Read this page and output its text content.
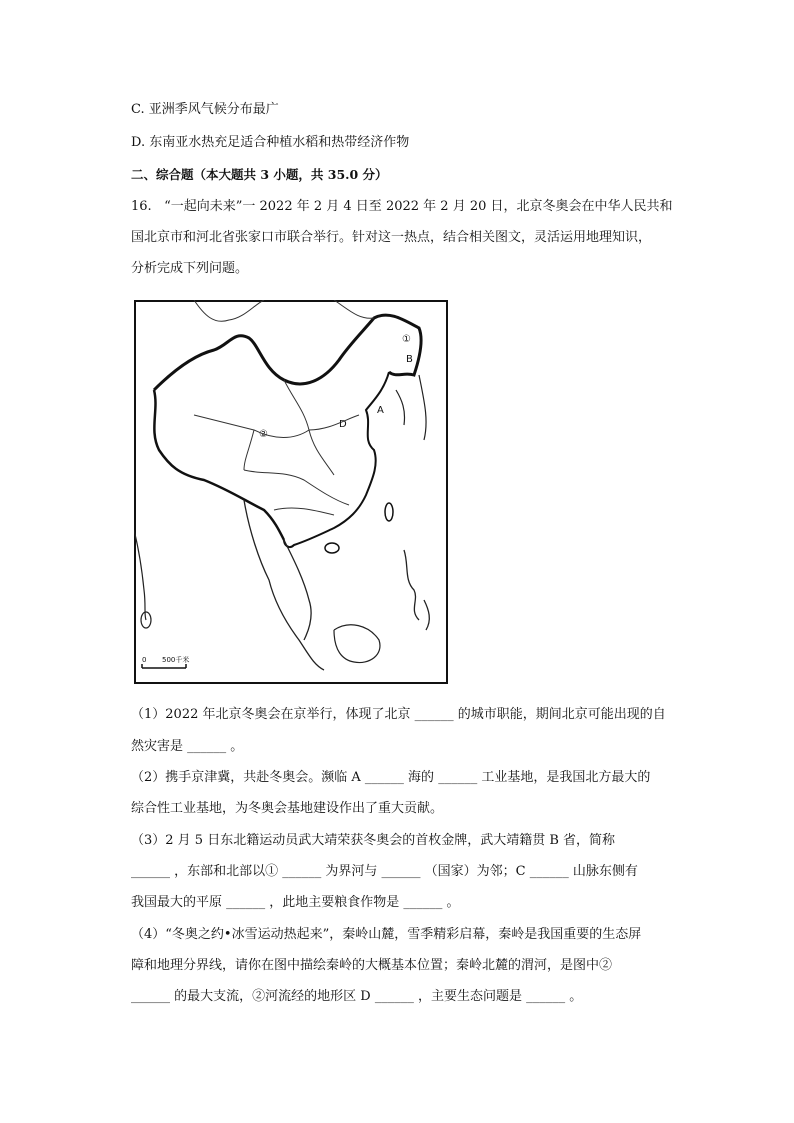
C. 亚洲季风气候分布最广
D. 东南亚水热充足适合种植水稻和热带经济作物
二、综合题（本大题共 3 小题，共 35.0 分）
16. “一起向未来”一 2022 年 2 月 4 日至 2022 年 2 月 20 日，北京冬奥会在中华人民共和
国北京市和河北省张家口市联合举行。针对这一热点，结合相关图文，灵活运用地理知识，
分析完成下列问题。
①
B
A
D
②
0 500千米
（1）2022 年北京冬奥会在京举行，体现了北京 ______ 的城市职能，期间北京可能出现的自
然灾害是 ______ 。
（2）携手京津冀，共赴冬奥会。濒临 A ______ 海的 ______ 工业基地，是我国北方最大的
综合性工业基地，为冬奥会基地建设作出了重大贡献。
（3）2 月 5 日东北籍运动员武大靖荣获冬奥会的首枚金牌，武大靖籍贯 B 省，简称
______ ，东部和北部以① ______ 为界河与 ______ （国家）为邻；C ______ 山脉东侧有
我国最大的平原 ______ ，此地主要粮食作物是 ______ 。
（4）“冬奥之约•冰雪运动热起来”，秦岭山麓，雪季精彩启幕，秦岭是我国重要的生态屏
障和地理分界线，请你在图中描绘秦岭的大概基本位置；秦岭北麓的渭河，是图中②
______ 的最大支流，②河流经的地形区 D ______ ，主要生态问题是 ______ 。
